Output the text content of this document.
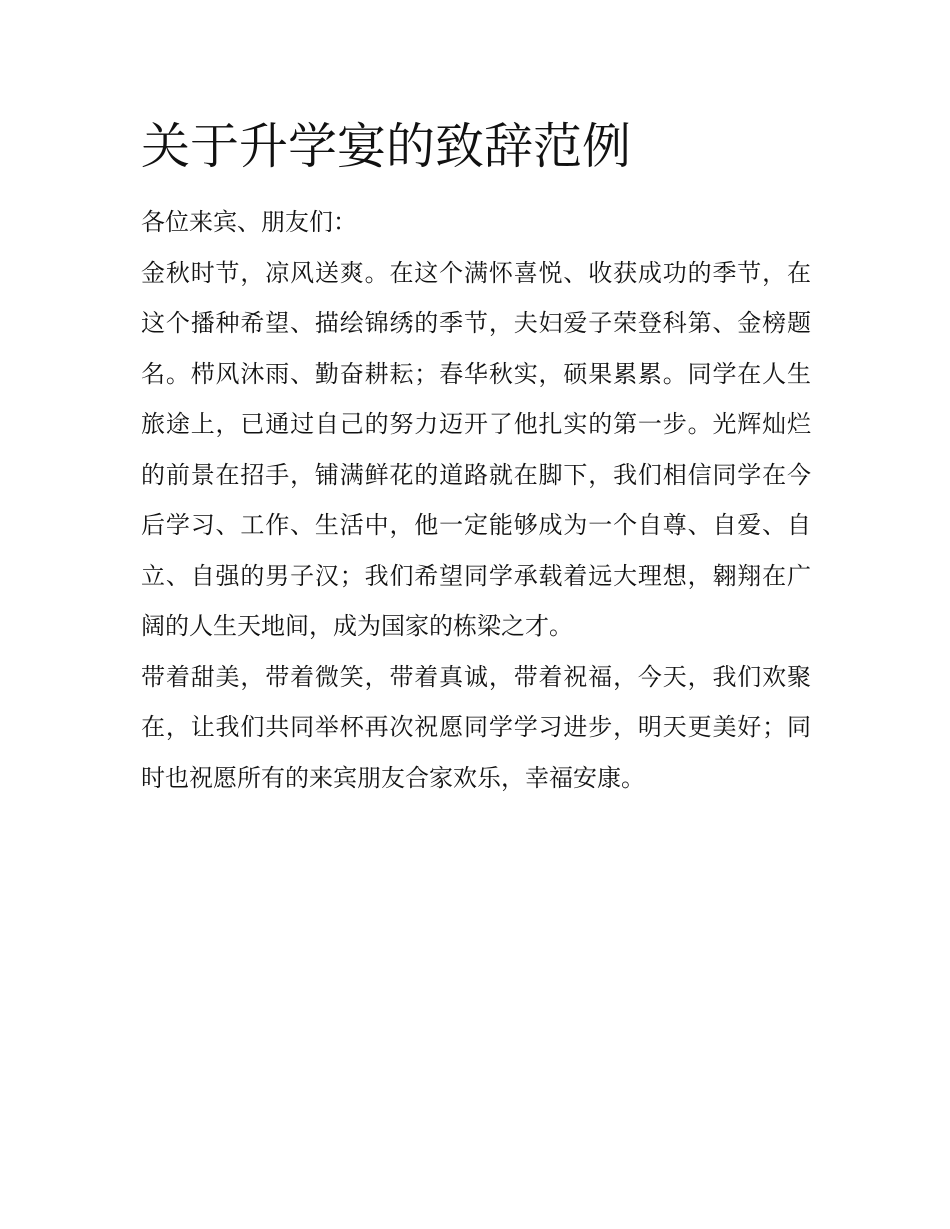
关于升学宴的致辞范例

各位来宾、朋友们：

金秋时节，凉风送爽。在这个满怀喜悦、收获成功的季节，在这个播种希望、描绘锦绣的季节，夫妇爱子荣登科第、金榜题名。栉风沐雨、勤奋耕耘；春华秋实，硕果累累。同学在人生旅途上，已通过自己的努力迈开了他扎实的第一步。光辉灿烂的前景在招手，铺满鲜花的道路就在脚下，我们相信同学在今后学习、工作、生活中，他一定能够成为一个自尊、自爱、自立、自强的男子汉；我们希望同学承载着远大理想，翱翔在广阔的人生天地间，成为国家的栋梁之才。

带着甜美，带着微笑，带着真诚，带着祝福，今天，我们欢聚在，让我们共同举杯再次祝愿同学学习进步，明天更美好；同时也祝愿所有的来宾朋友合家欢乐，幸福安康。
